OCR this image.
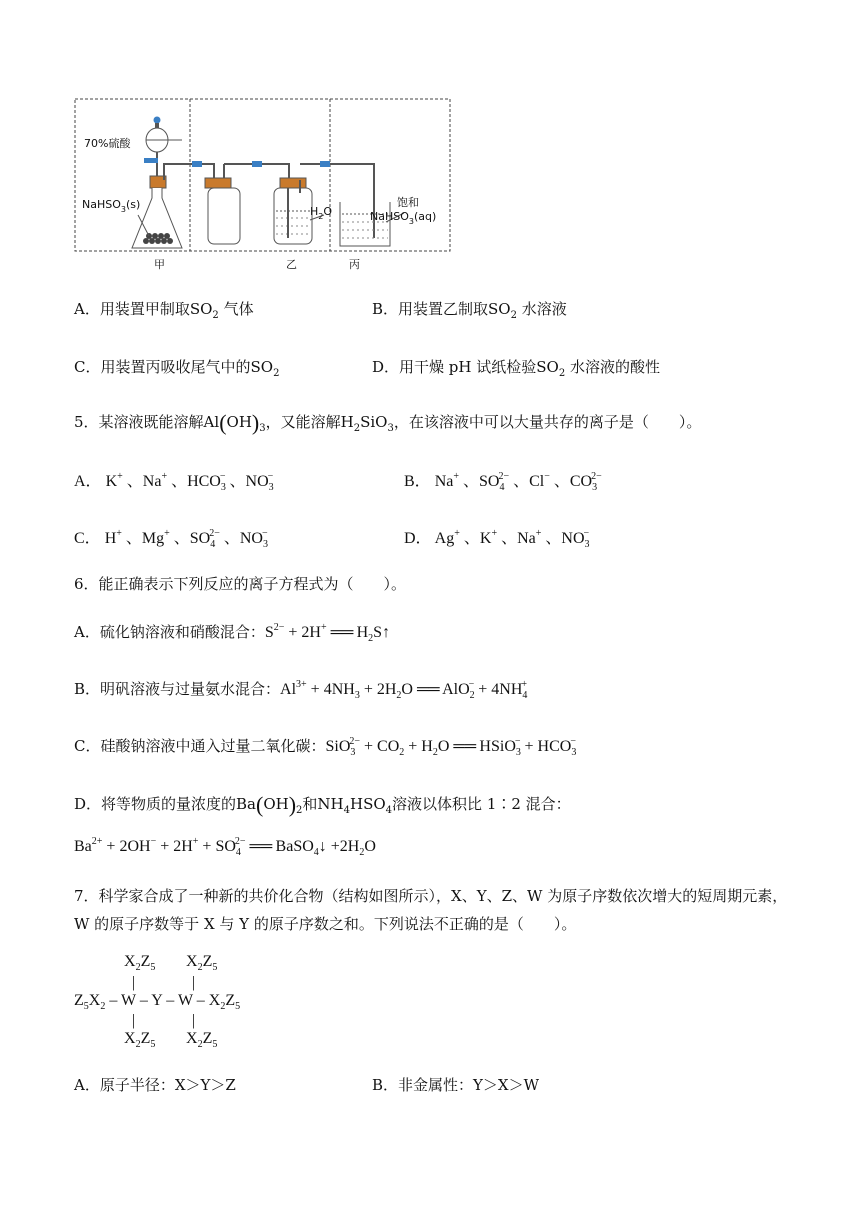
70%硫酸
NaHSO$_3$(s)
$H_2O$
饱和
NaHSO$_3$(aq)
甲	乙	丙
A．用装置甲制取$SO_2$ 气体	B．用装置乙制取$SO_2$ 水溶液
C．用装置丙吸收尾气中的$SO_2$	D．用干燥 pH 试纸检验$SO_2$ 水溶液的酸性
5．某溶液既能溶解$Al(OH)_3$，又能溶解$H_2SiO_3$，在该溶液中可以大量共存的离子是（　　）。
A． K+ 、Na+ 、$HCO_3^-$ 、$NO_3^-$	B． Na+ 、$SO_4^{2-}$ 、Cl− 、$CO_3^{2-}$
C． H+ 、Mg+ 、$SO_4^{2-}$ 、$NO_3^-$	D． Ag+ 、K+ 、Na+ 、$NO_3^-$
6．能正确表示下列反应的离子方程式为（　　）。
A．硫化钠溶液和硝酸混合：$S^{2-} + 2H^+$ ══ $H_2S↑$
B．明矾溶液与过量氨水混合：$Al^{3+} + 4NH_3 + 2H_2O$ ══ $AlO_2^- + 4NH_4^+$
C．硅酸钠溶液中通入过量二氧化碳：$SiO_3^{2-} + CO_2 + H_2O$ ══ HSiO$_3$− + $HCO_3^-$
D．将等物质的量浓度的$Ba(OH)_2$和$NH_4HSO_4$溶液以体积比 1∶2 混合：
$Ba^{2+} + 2OH^- + 2H^+ + SO_4^{2-}$ ══ BaSO$_4$↓ $+2H_2O$
7．科学家合成了一种新的共价化合物（结构如图所示），X、Y、Z、W 为原子序数依次增大的短周期元素，
W 的原子序数等于 X 与 Y 的原子序数之和。下列说法不正确的是（　　）。
$X_2Z_5$ $X_2Z_5$
|	|
$Z_5X_2$ – W – Y – W – $X_2Z_5$
|	|
$X_2Z_5$ $X_2Z_5$
A．原子半径：X＞Y＞Z	B．非金属性：Y＞X＞W
